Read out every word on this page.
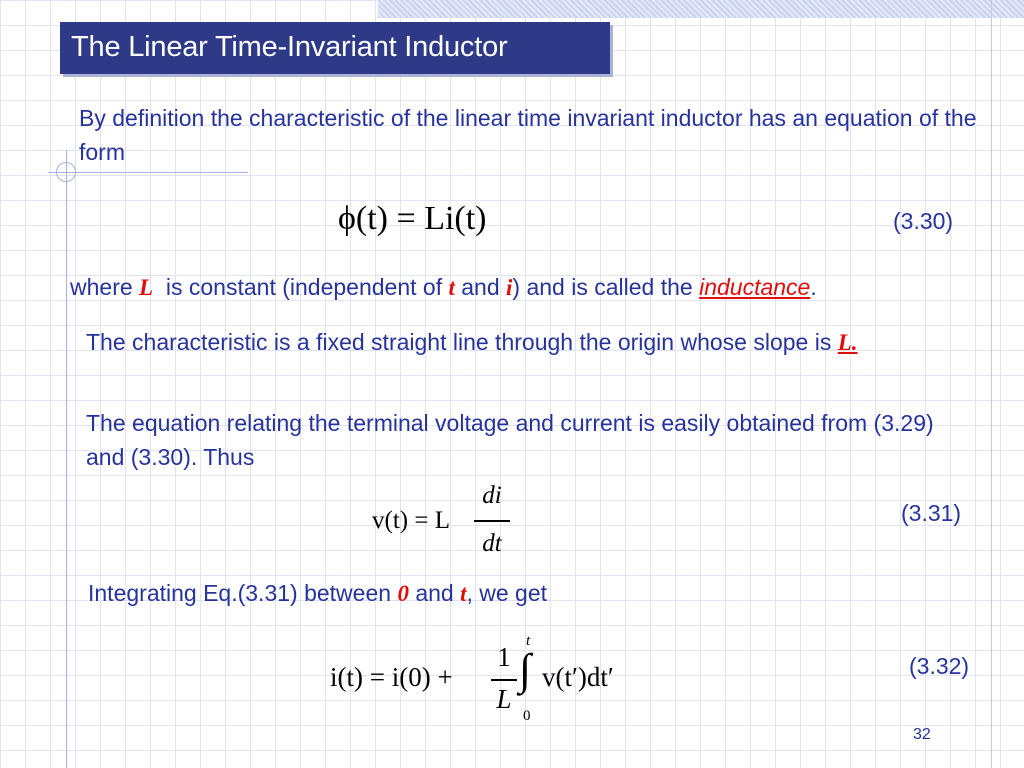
The Linear Time-Invariant Inductor
By definition the characteristic of the linear time invariant inductor has an equation of the form
ϕ(t) = Li(t)	(3.30)
where L is constant (independent of t and i) and is called the inductance.
The characteristic is a fixed straight line through the origin whose slope is L.
The equation relating the terminal voltage and current is easily obtained from (3.29) and (3.30). Thus
v(t) = L
di
dt
(3.31)
Integrating Eq.(3.31) between 0 and t, we get
i(t) = i(0) +
1
L
∫
t
0
v(t′)dt′	(3.32)
32
